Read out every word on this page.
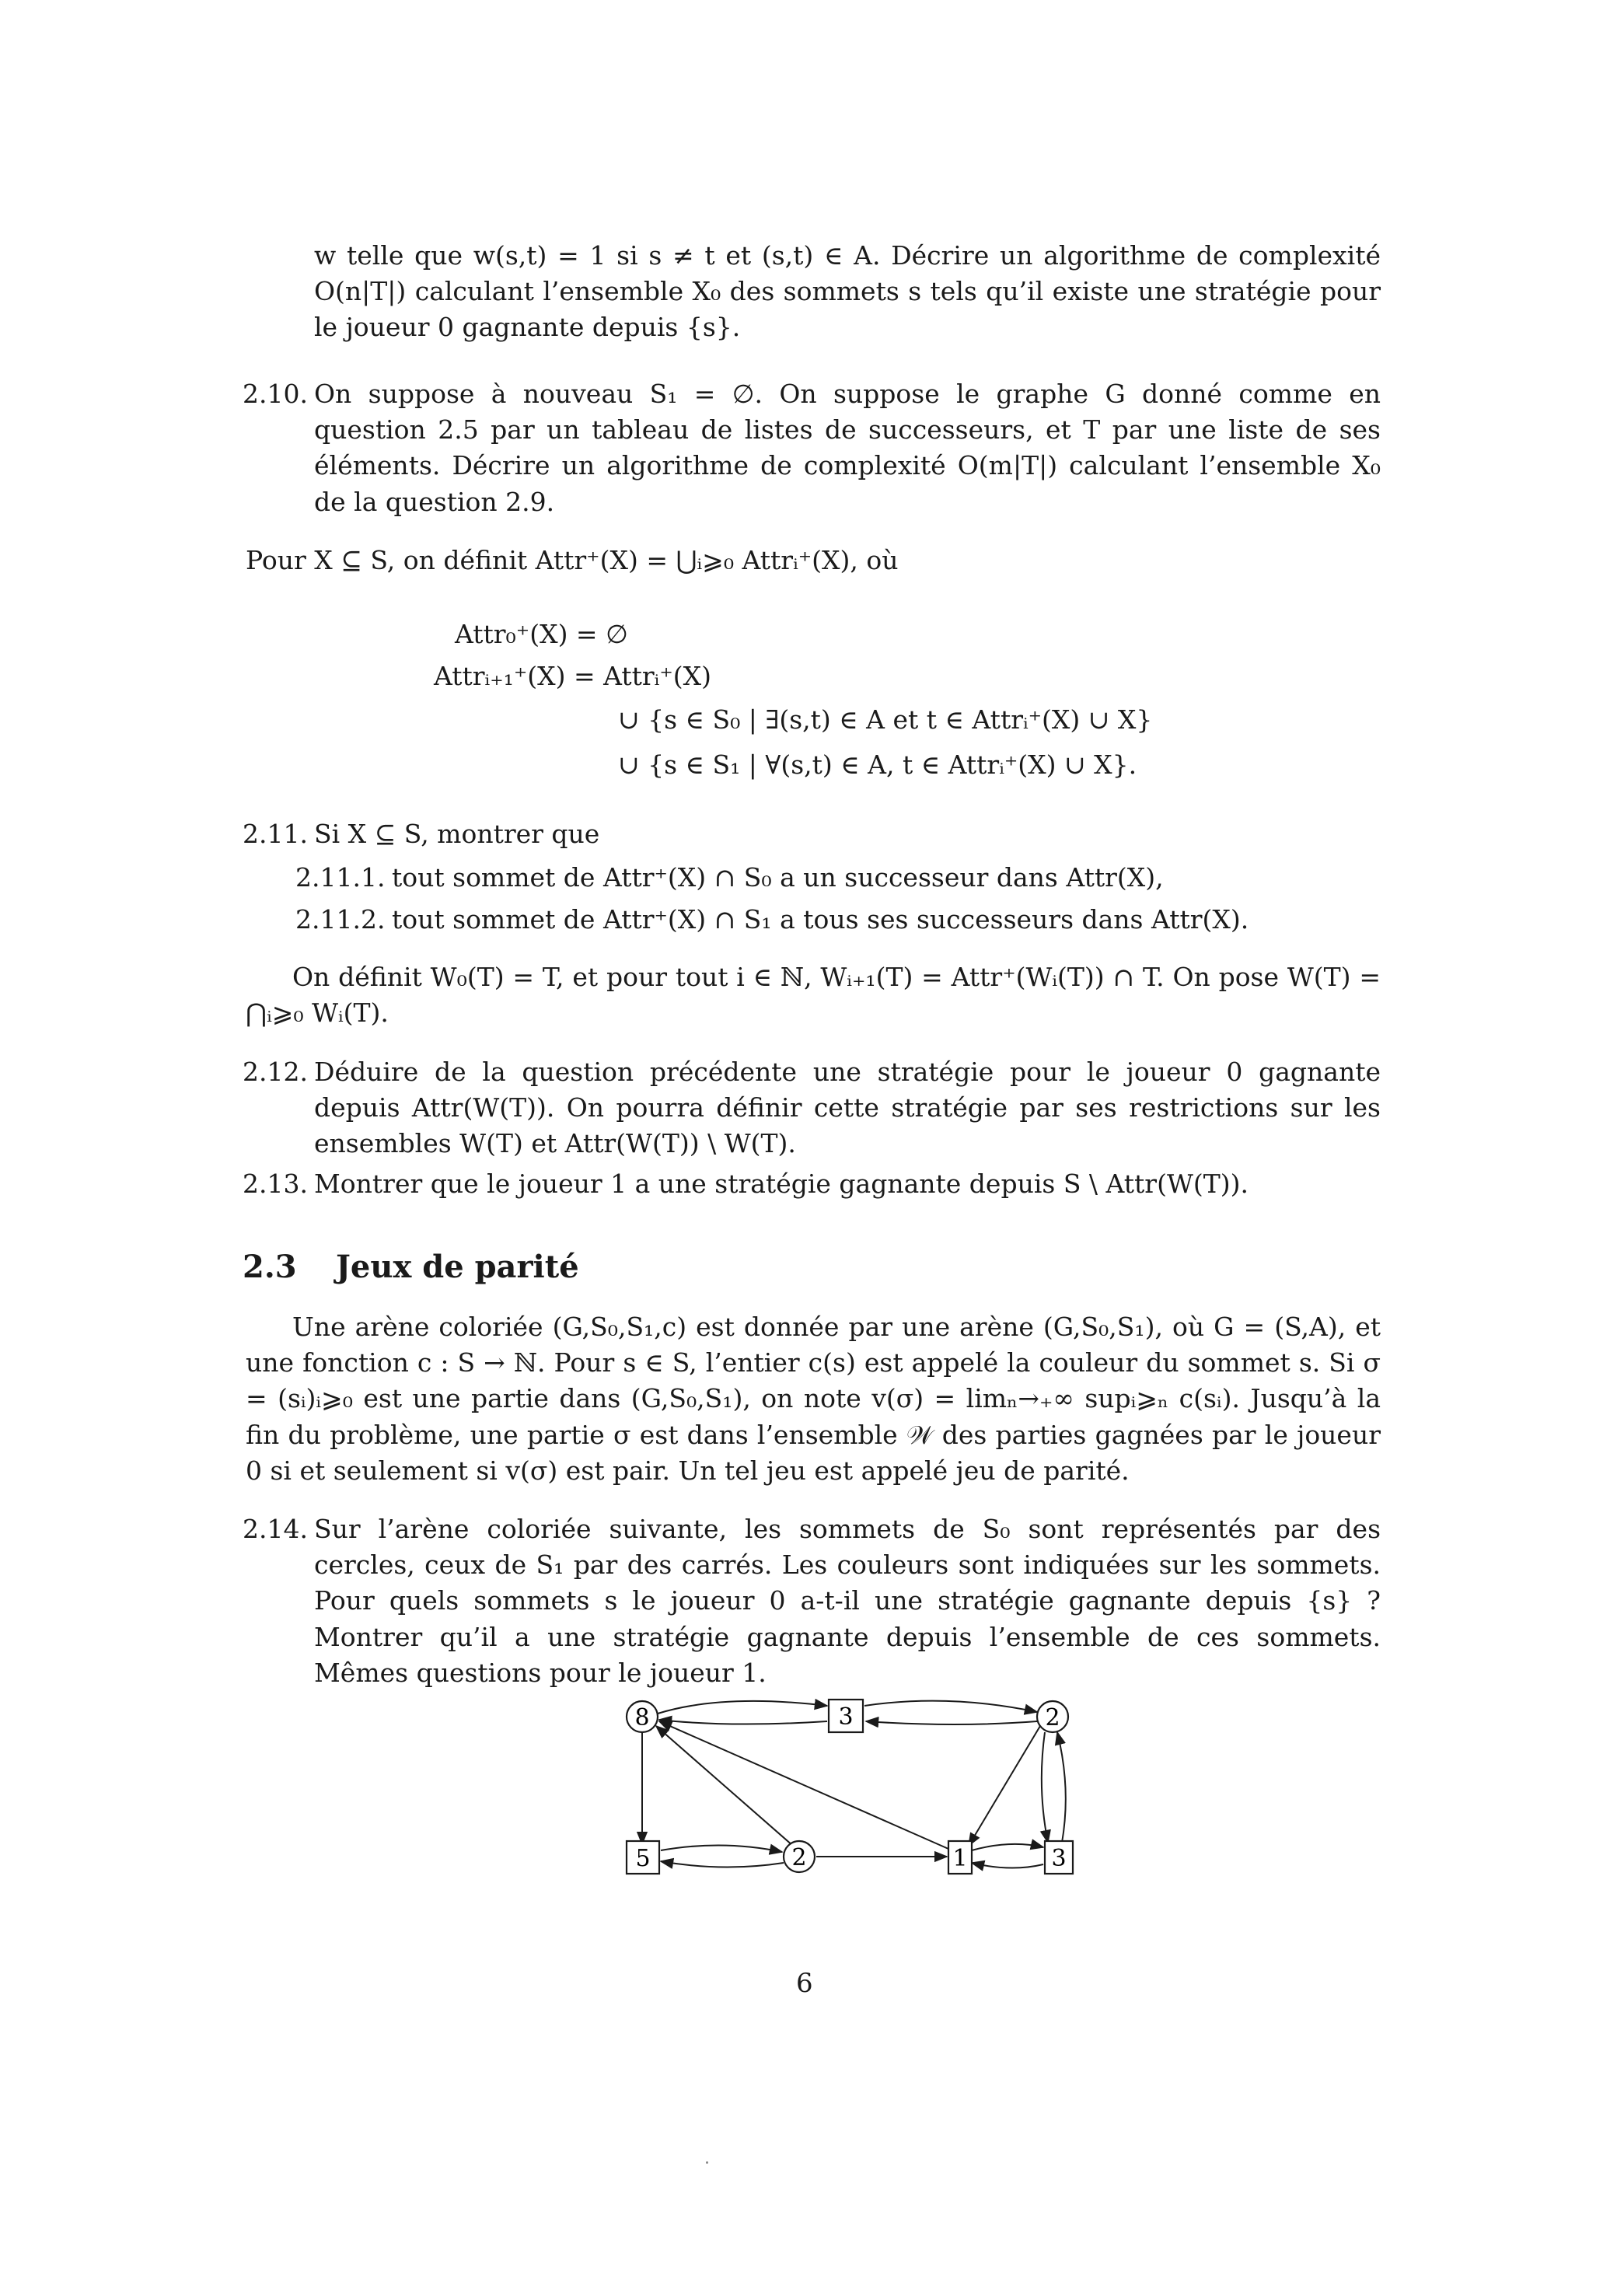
w telle que w(s,t) = 1 si s ≠ t et (s,t) ∈ A. Décrire un algorithme de complexité O(n|T|) calculant l’ensemble X₀ des sommets s tels qu’il existe une stratégie pour le joueur 0 gagnante depuis {s}.

2.10. On suppose à nouveau S₁ = ∅. On suppose le graphe G donné comme en question 2.5 par un tableau de listes de successeurs, et T par une liste de ses éléments. Décrire un algorithme de complexité O(m|T|) calculant l’ensemble X₀ de la question 2.9.

Pour X ⊆ S, on définit Attr⁺(X) = ⋃ᵢ⩾₀ Attrᵢ⁺(X), où

Attr₀⁺(X) = ∅
Attrᵢ₊₁⁺(X) = Attrᵢ⁺(X)
∪ {s ∈ S₀ | ∃(s,t) ∈ A et t ∈ Attrᵢ⁺(X) ∪ X}
∪ {s ∈ S₁ | ∀(s,t) ∈ A, t ∈ Attrᵢ⁺(X) ∪ X}.
2.11. Si X ⊆ S, montrer que

2.11.1. tout sommet de Attr⁺(X) ∩ S₀ a un successeur dans Attr(X),

2.11.2. tout sommet de Attr⁺(X) ∩ S₁ a tous ses successeurs dans Attr(X).

On définit W₀(T) = T, et pour tout i ∈ ℕ, Wᵢ₊₁(T) = Attr⁺(Wᵢ(T)) ∩ T. On pose W(T) = ⋂ᵢ⩾₀ Wᵢ(T).

2.12. Déduire de la question précédente une stratégie pour le joueur 0 gagnante depuis Attr(W(T)). On pourra définir cette stratégie par ses restrictions sur les ensembles W(T) et Attr(W(T)) \ W(T).

2.13. Montrer que le joueur 1 a une stratégie gagnante depuis S \ Attr(W(T)).

2.3 Jeux de parité

Une arène coloriée (G,S₀,S₁,c) est donnée par une arène (G,S₀,S₁), où G = (S,A), et une fonction c : S → ℕ. Pour s ∈ S, l’entier c(s) est appelé la couleur du sommet s. Si σ = (sᵢ)ᵢ⩾₀ est une partie dans (G,S₀,S₁), on note v(σ) = limₙ→₊∞ supᵢ⩾ₙ c(sᵢ). Jusqu’à la fin du problème, une partie σ est dans l’ensemble 𝒲 des parties gagnées par le joueur 0 si et seulement si v(σ) est pair. Un tel jeu est appelé jeu de parité.

2.14. Sur l’arène coloriée suivante, les sommets de S₀ sont représentés par des cercles, ceux de S₁ par des carrés. Les couleurs sont indiquées sur les sommets. Pour quels sommets s le joueur 0 a-t-il une stratégie gagnante depuis {s} ? Montrer qu’il a une stratégie gagnante depuis l’ensemble de ces sommets. Mêmes questions pour le joueur 1.

8	3	2
5	2	1	3
6
